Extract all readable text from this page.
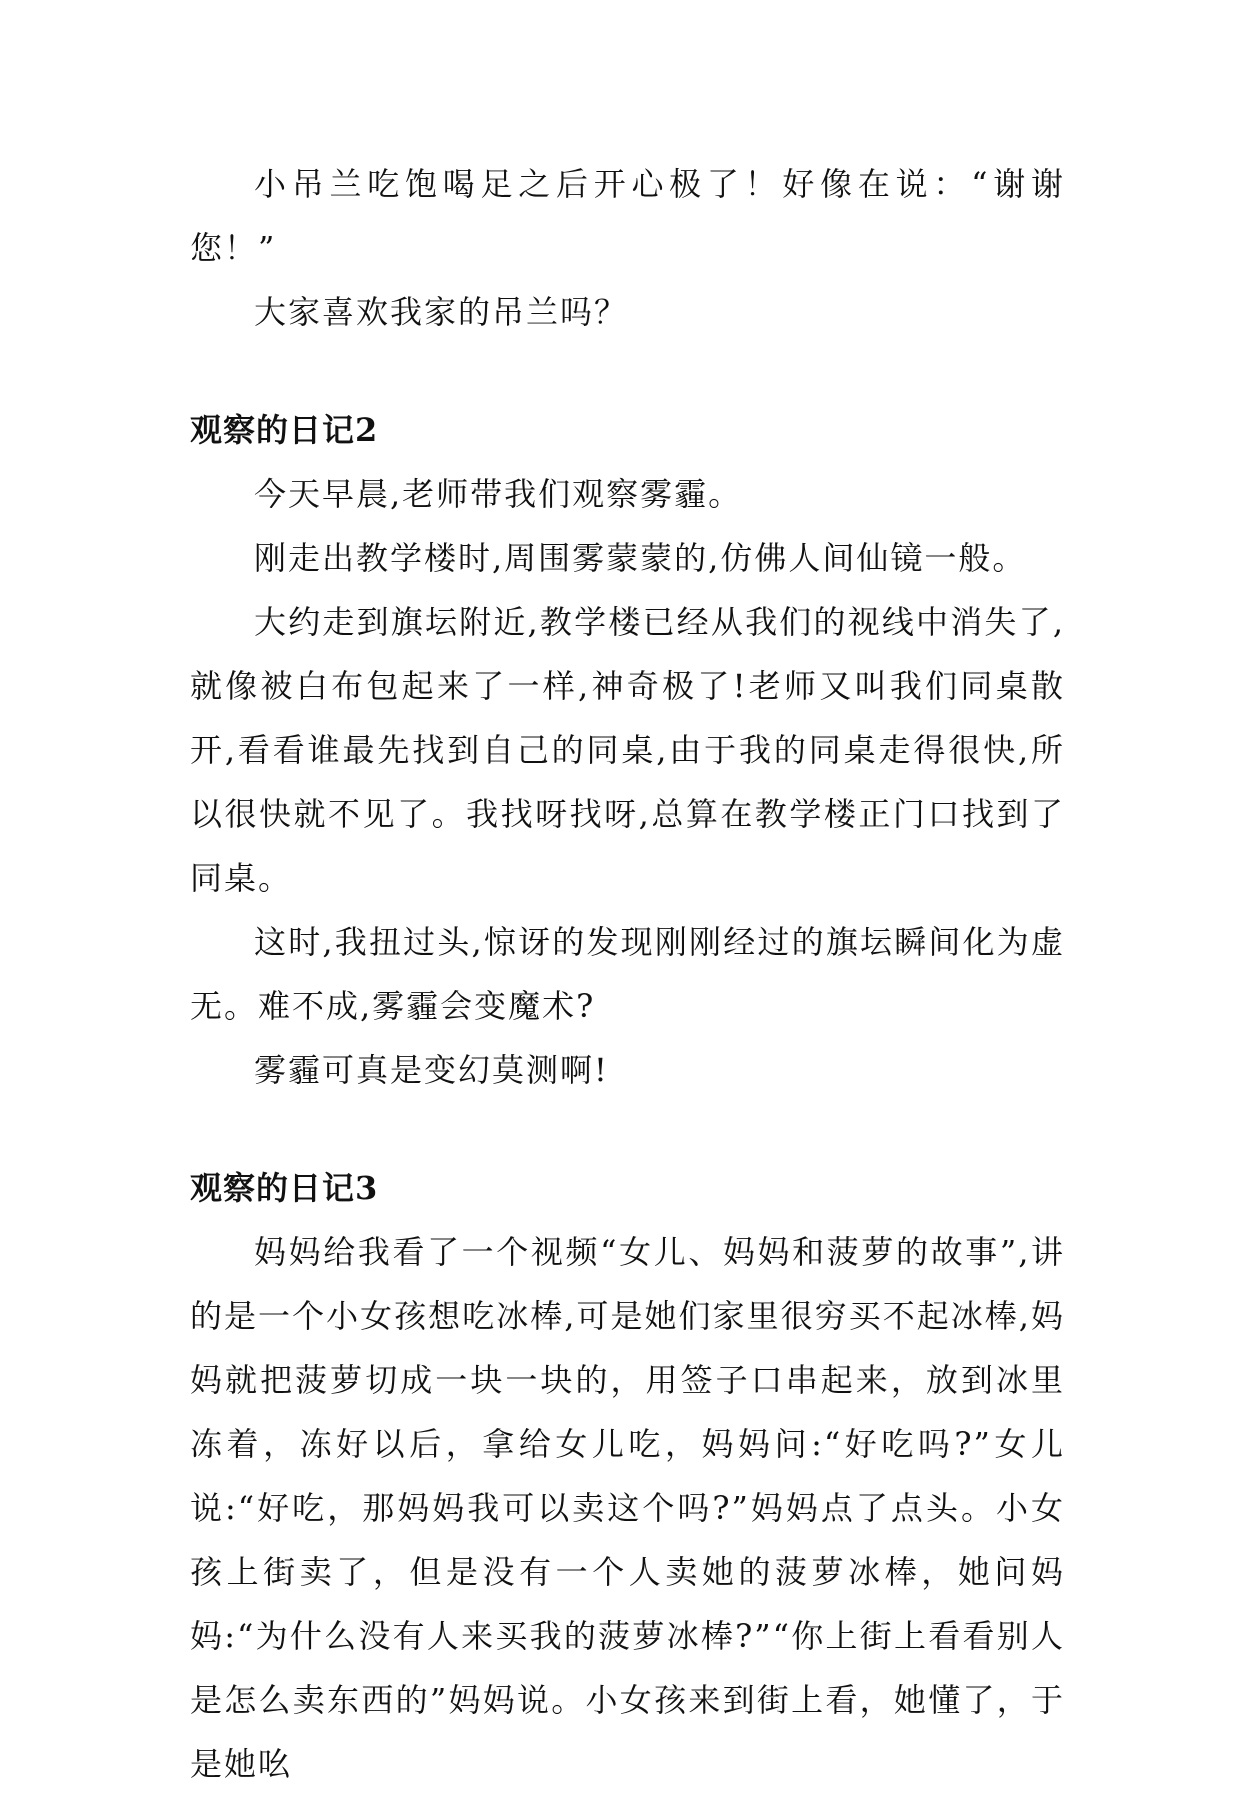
小吊兰吃饱喝足之后开心极了！好像在说：“谢谢您！”

大家喜欢我家的吊兰吗？

观察的日记2

今天早晨,老师带我们观察雾霾。

刚走出教学楼时,周围雾蒙蒙的,仿佛人间仙镜一般。

大约走到旗坛附近,教学楼已经从我们的视线中消失了,就像被白布包起来了一样,神奇极了!老师又叫我们同桌散开,看看谁最先找到自己的同桌,由于我的同桌走得很快,所以很快就不见了。我找呀找呀,总算在教学楼正门口找到了同桌。

这时,我扭过头,惊讶的发现刚刚经过的旗坛瞬间化为虚无。难不成,雾霾会变魔术?

雾霾可真是变幻莫测啊!

观察的日记3

妈妈给我看了一个视频“女儿、妈妈和菠萝的故事”,讲的是一个小女孩想吃冰棒,可是她们家里很穷买不起冰棒,妈妈就把菠萝切成一块一块的，用签子口串起来，放到冰里冻着，冻好以后，拿给女儿吃，妈妈问:“好吃吗?”女儿说:“好吃，那妈妈我可以卖这个吗?”妈妈点了点头。小女孩上街卖了，但是没有一个人卖她的菠萝冰棒，她问妈妈:“为什么没有人来买我的菠萝冰棒?”“你上街上看看别人是怎么卖东西的”妈妈说。小女孩来到街上看，她懂了，于是她吆
